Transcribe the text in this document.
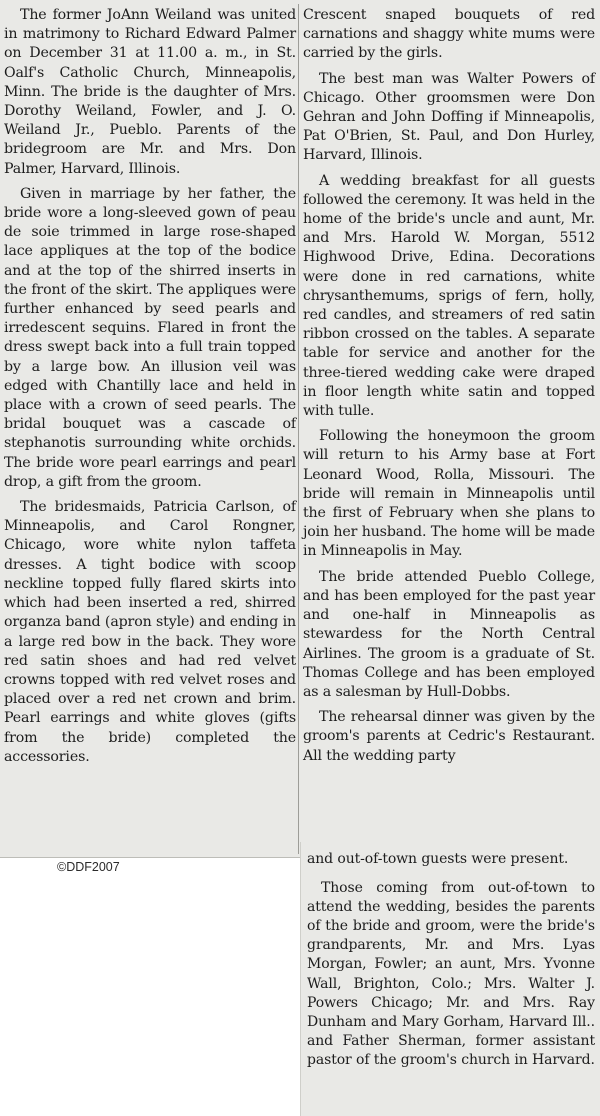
The former JoAnn Weiland was united in matrimony to Richard Edward Palmer on December 31 at 11.00 a. m., in St. Oalf's Catholic Church, Minneapolis, Minn. The bride is the daughter of Mrs. Dorothy Weiland, Fowler, and J. O. Weiland Jr., Pueblo. Parents of the bridegroom are Mr. and Mrs. Don Palmer, Harvard, Illinois.

Given in marriage by her father, the bride wore a long-sleeved gown of peau de soie trimmed in large rose-shaped lace appliques at the top of the bodice and at the top of the shirred inserts in the front of the skirt. The appliques were further enhanced by seed pearls and irredescent sequins. Flared in front the dress swept back into a full train topped by a large bow. An illusion veil was edged with Chantilly lace and held in place with a crown of seed pearls. The bridal bouquet was a cascade of stephanotis surrounding white orchids. The bride wore pearl earrings and pearl drop, a gift from the groom.

The bridesmaids, Patricia Carlson, of Minneapolis, and Carol Rongner, Chicago, wore white nylon taffeta dresses. A tight bodice with scoop neckline topped fully flared skirts into which had been inserted a red, shirred organza band (apron style) and ending in a large red bow in the back. They wore red satin shoes and had red velvet crowns topped with red velvet roses and placed over a red net crown and brim. Pearl earrings and white gloves (gifts from the bride) completed the accessories.

Crescent snaped bouquets of red carnations and shaggy white mums were carried by the girls.

The best man was Walter Powers of Chicago. Other groomsmen were Don Gehran and John Doffing if Minneapolis, Pat O'Brien, St. Paul, and Don Hurley, Harvard, Illinois.

A wedding breakfast for all guests followed the ceremony. It was held in the home of the bride's uncle and aunt, Mr. and Mrs. Harold W. Morgan, 5512 Highwood Drive, Edina. Decorations were done in red carnations, white chrysanthemums, sprigs of fern, holly, red candles, and streamers of red satin ribbon crossed on the tables. A separate table for service and another for the three-tiered wedding cake were draped in floor length white satin and topped with tulle.

Following the honeymoon the groom will return to his Army base at Fort Leonard Wood, Rolla, Missouri. The bride will remain in Minneapolis until the first of February when she plans to join her husband. The home will be made in Minneapolis in May.

The bride attended Pueblo College, and has been employed for the past year and one-half in Minneapolis as stewardess for the North Central Airlines. The groom is a graduate of St. Thomas College and has been employed as a salesman by Hull-Dobbs.

The rehearsal dinner was given by the groom's parents at Cedric's Restaurant. All the wedding party

©DDF2007	and out-of-town guests were present.

Those coming from out-of-town to attend the wedding, besides the parents of the bride and groom, were the bride's grandparents, Mr. and Mrs. Lyas Morgan, Fowler; an aunt, Mrs. Yvonne Wall, Brighton, Colo.; Mrs. Walter J. Powers Chicago; Mr. and Mrs. Ray Dunham and Mary Gorham, Harvard Ill.. and Father Sherman, former assistant pastor of the groom's church in Harvard.
